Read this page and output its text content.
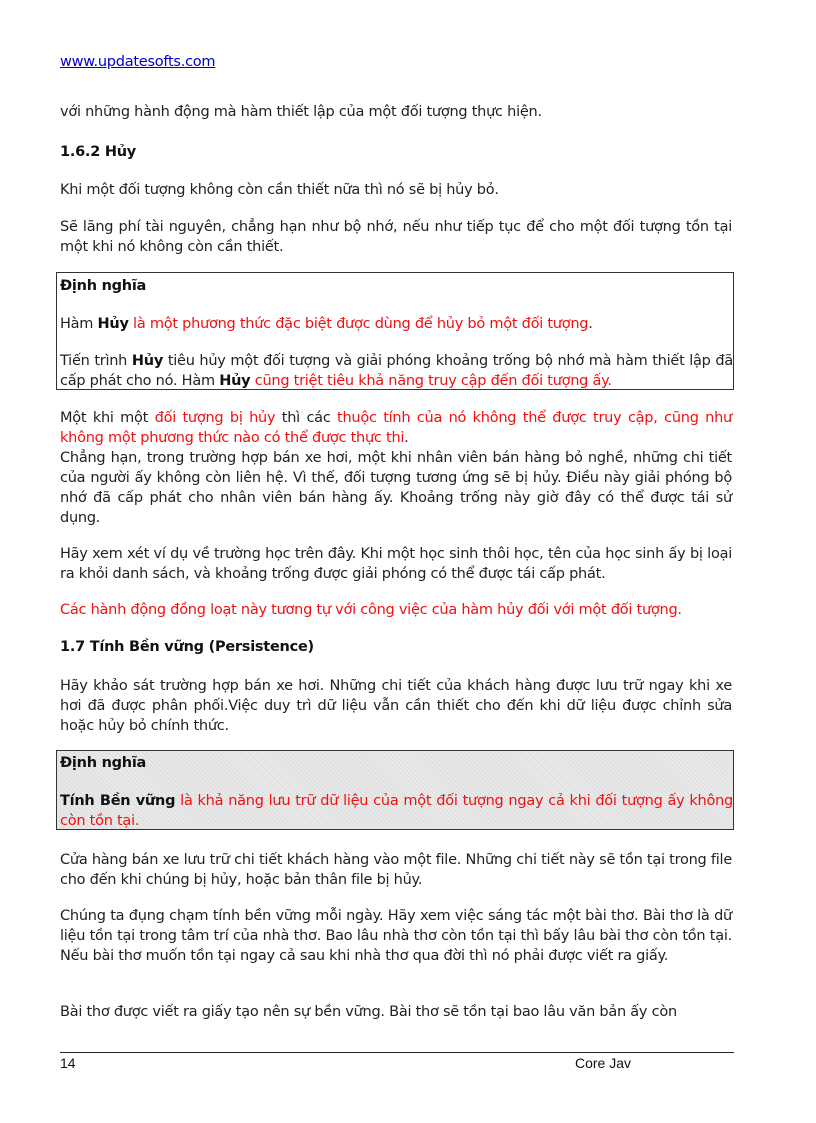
www.updatesofts.com

với những hành động mà hàm thiết lập của một đối tượng thực hiện.

1.6.2 Hủy

Khi một đối tượng không còn cần thiết nữa thì nó sẽ bị hủy bỏ.

Sẽ lãng phí tài nguyên, chẳng hạn như bộ nhớ, nếu như tiếp tục để cho một đối tượng tồn tại một khi nó không còn cần thiết.

Định nghĩa

Hàm Hủy là một phương thức đặc biệt được dùng để hủy bỏ một đối tượng.

Tiến trình Hủy tiêu hủy một đối tượng và giải phóng khoảng trống bộ nhớ mà hàm thiết lập đã cấp phát cho nó. Hàm Hủy cũng triệt tiêu khả năng truy cập đến đối tượng ấy.

Một khi một đối tượng bị hủy thì các thuộc tính của nó không thể được truy cập, cũng như không một phương thức nào có thể được thực thi.

Chẳng hạn, trong trường hợp bán xe hơi, một khi nhân viên bán hàng bỏ nghề, những chi tiết của người ấy không còn liên hệ. Vì thế, đối tượng tương ứng sẽ bị hủy. Điều này giải phóng bộ nhớ đã cấp phát cho nhân viên bán hàng ấy. Khoảng trống này giờ đây có thể được tái sử dụng.

Hãy xem xét ví dụ về trường học trên đây. Khi một học sinh thôi học, tên của học sinh ấy bị loại ra khỏi danh sách, và khoảng trống được giải phóng có thể được tái cấp phát.

Các hành động đồng loạt này tương tự với công việc của hàm hủy đối với một đối tượng.

1.7 Tính Bền vững (Persistence)

Hãy khảo sát trường hợp bán xe hơi. Những chi tiết của khách hàng được lưu trữ ngay khi xe hơi đã được phân phối.Việc duy trì dữ liệu vẫn cần thiết cho đến khi dữ liệu được chỉnh sửa hoặc hủy bỏ chính thức.

Định nghĩa

Tính Bền vững là khả năng lưu trữ dữ liệu của một đối tượng ngay cả khi đối tượng ấy không còn tồn tại.

Cửa hàng bán xe lưu trữ chi tiết khách hàng vào một file. Những chi tiết này sẽ tồn tại trong file cho đến khi chúng bị hủy, hoặc bản thân file bị hủy.

Chúng ta đụng chạm tính bền vững mỗi ngày. Hãy xem việc sáng tác một bài thơ. Bài thơ là dữ liệu tồn tại trong tâm trí của nhà thơ. Bao lâu nhà thơ còn tồn tại thì bấy lâu bài thơ còn tồn tại. Nếu bài thơ muốn tồn tại ngay cả sau khi nhà thơ qua đời thì nó phải được viết ra giấy.

Bài thơ được viết ra giấy tạo nên sự bền vững. Bài thơ sẽ tồn tại bao lâu văn bản ấy còn

14	Core Jav
